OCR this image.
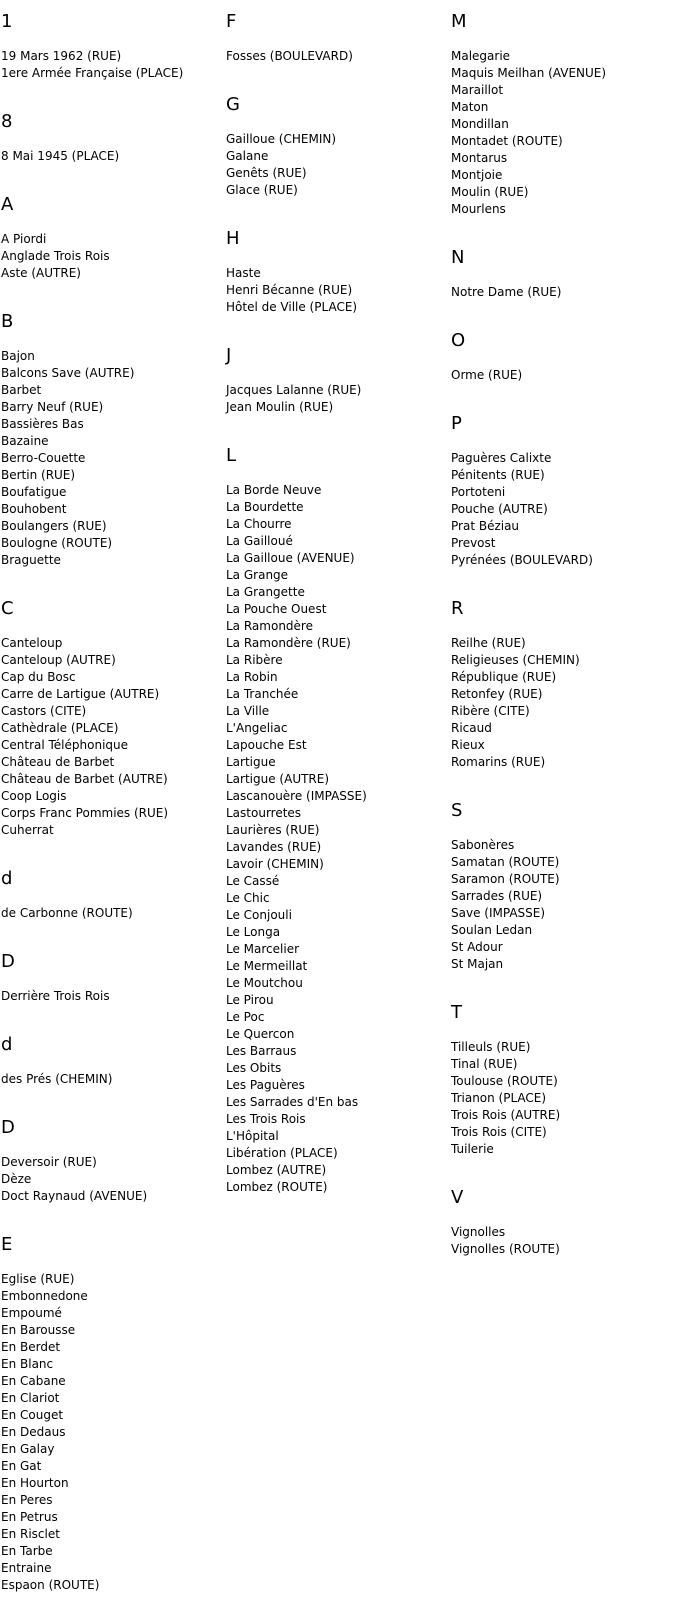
1
19 Mars 1962 (RUE)
1ere Armée Française (PLACE)
8
8 Mai 1945 (PLACE)
A
A Piordi
Anglade Trois Rois
Aste (AUTRE)
B
Bajon
Balcons Save (AUTRE)
Barbet
Barry Neuf (RUE)
Bassières Bas
Bazaine
Berro-Couette
Bertin (RUE)
Boufatigue
Bouhobent
Boulangers (RUE)
Boulogne (ROUTE)
Braguette
C
Canteloup
Canteloup (AUTRE)
Cap du Bosc
Carre de Lartigue (AUTRE)
Castors (CITE)
Cathèdrale (PLACE)
Central Téléphonique
Château de Barbet
Château de Barbet (AUTRE)
Coop Logis
Corps Franc Pommies (RUE)
Cuherrat
d
de Carbonne (ROUTE)
D
Derrière Trois Rois
d
des Prés (CHEMIN)
D
Deversoir (RUE)
Dèze
Doct Raynaud (AVENUE)
E
Eglise (RUE)
Embonnedone
Empoumé
En Barousse
En Berdet
En Blanc
En Cabane
En Clariot
En Couget
En Dedaus
En Galay
En Gat
En Hourton
En Peres
En Petrus
En Risclet
En Tarbe
Entraine
Espaon (ROUTE)
F
Fosses (BOULEVARD)
G
Gailloue (CHEMIN)
Galane
Genêts (RUE)
Glace (RUE)
H
Haste
Henri Bécanne (RUE)
Hôtel de Ville (PLACE)
J
Jacques Lalanne (RUE)
Jean Moulin (RUE)
L
La Borde Neuve
La Bourdette
La Chourre
La Gailloué
La Gailloue (AVENUE)
La Grange
La Grangette
La Pouche Ouest
La Ramondère
La Ramondère (RUE)
La Ribère
La Robin
La Tranchée
La Ville
L'Angeliac
Lapouche Est
Lartigue
Lartigue (AUTRE)
Lascanouère (IMPASSE)
Lastourretes
Laurières (RUE)
Lavandes (RUE)
Lavoir (CHEMIN)
Le Cassé
Le Chic
Le Conjouli
Le Longa
Le Marcelier
Le Mermeillat
Le Moutchou
Le Pirou
Le Poc
Le Quercon
Les Barraus
Les Obits
Les Paguères
Les Sarrades d'En bas
Les Trois Rois
L'Hôpital
Libération (PLACE)
Lombez (AUTRE)
Lombez (ROUTE)
M
Malegarie
Maquis Meilhan (AVENUE)
Maraillot
Maton
Mondillan
Montadet (ROUTE)
Montarus
Montjoie
Moulin (RUE)
Mourlens
N
Notre Dame (RUE)
O
Orme (RUE)
P
Paguères Calixte
Pénitents (RUE)
Portoteni
Pouche (AUTRE)
Prat Béziau
Prevost
Pyrénées (BOULEVARD)
R
Reilhe (RUE)
Religieuses (CHEMIN)
République (RUE)
Retonfey (RUE)
Ribère (CITE)
Ricaud
Rieux
Romarins (RUE)
S
Sabonères
Samatan (ROUTE)
Saramon (ROUTE)
Sarrades (RUE)
Save (IMPASSE)
Soulan Ledan
St Adour
St Majan
T
Tilleuls (RUE)
Tinal (RUE)
Toulouse (ROUTE)
Trianon (PLACE)
Trois Rois (AUTRE)
Trois Rois (CITE)
Tuilerie
V
Vignolles
Vignolles (ROUTE)
